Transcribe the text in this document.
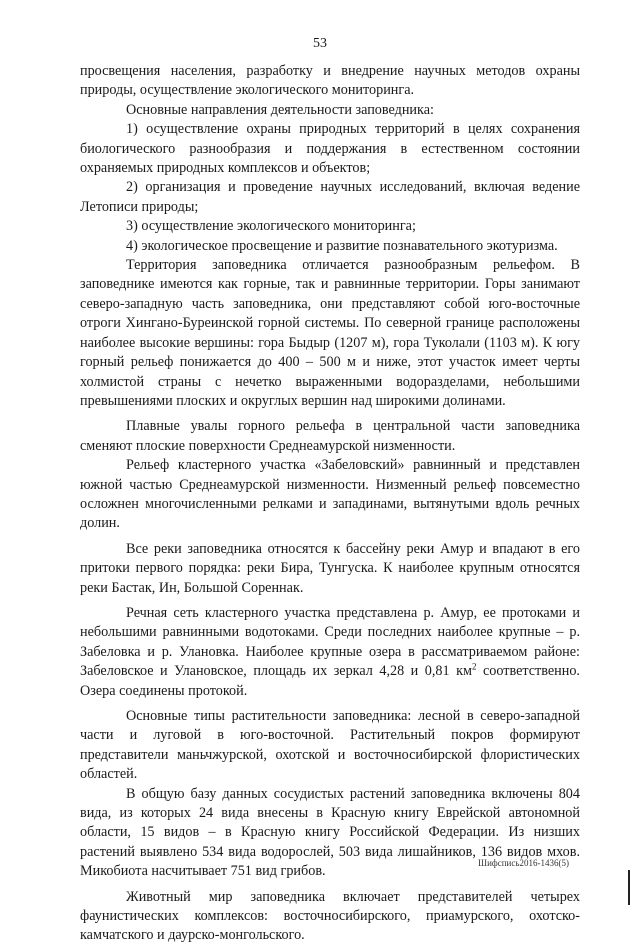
53

просвещения населения, разработку и внедрение научных методов охраны природы, осуществление экологического мониторинга.

Основные направления деятельности заповедника:

1) осуществление охраны природных территорий в целях сохранения биологического разнообразия и поддержания в естественном состоянии охраняемых природных комплексов и объектов;

2) организация и проведение научных исследований, включая ведение Летописи природы;

3) осуществление экологического мониторинга;

4) экологическое просвещение и развитие познавательного экотуризма.

Территория заповедника отличается разнообразным рельефом. В заповеднике имеются как горные, так и равнинные территории. Горы занимают северо-западную часть заповедника, они представляют собой юго-восточные отроги Хингано-Буреинской горной системы. По северной границе расположены наиболее высокие вершины: гора Быдыр (1207 м), гора Туколали (1103 м). К югу горный рельеф понижается до 400 – 500 м и ниже, этот участок имеет черты холмистой страны с нечетко выраженными водоразделами, небольшими превышениями плоских и округлых вершин над широкими долинами.

Плавные увалы горного рельефа в центральной части заповедника сменяют плоские поверхности Среднеамурской низменности.

Рельеф кластерного участка «Забеловский» равнинный и представлен южной частью Среднеамурской низменности. Низменный рельеф повсеместно осложнен многочисленными релками и западинами, вытянутыми вдоль речных долин.

Все реки заповедника относятся к бассейну реки Амур и впадают в его притоки первого порядка: реки Бира, Тунгуска. К наиболее крупным относятся реки Бастак, Ин, Большой Сореннак.

Речная сеть кластерного участка представлена р. Амур, ее протоками и небольшими равнинными водотоками. Среди последних наиболее крупные – р. Забеловка и р. Улановка. Наиболее крупные озера в рассматриваемом районе: Забеловское и Улановское, площадь их зеркал 4,28 и 0,81 $км^2$ соответственно. Озера соединены протокой.

Основные типы растительности заповедника: лесной в северо-западной части и луговой в юго-восточной. Растительный покров формируют представители маньчжурской, охотской и восточносибирской флористических областей.

В общую базу данных сосудистых растений заповедника включены 804 вида, из которых 24 вида внесены в Красную книгу Еврейской автономной области, 15 видов – в Красную книгу Российской Федерации. Из низших растений выявлено 534 вида водорослей, 503 вида лишайников, 136 видов мхов. Микобиота насчитывает 751 вид грибов.

Животный мир заповедника включает представителей четырех фаунистических комплексов: восточносибирского, приамурского, охотско-камчатского и даурско-монгольского.

Шифспись2016-1436(5)
